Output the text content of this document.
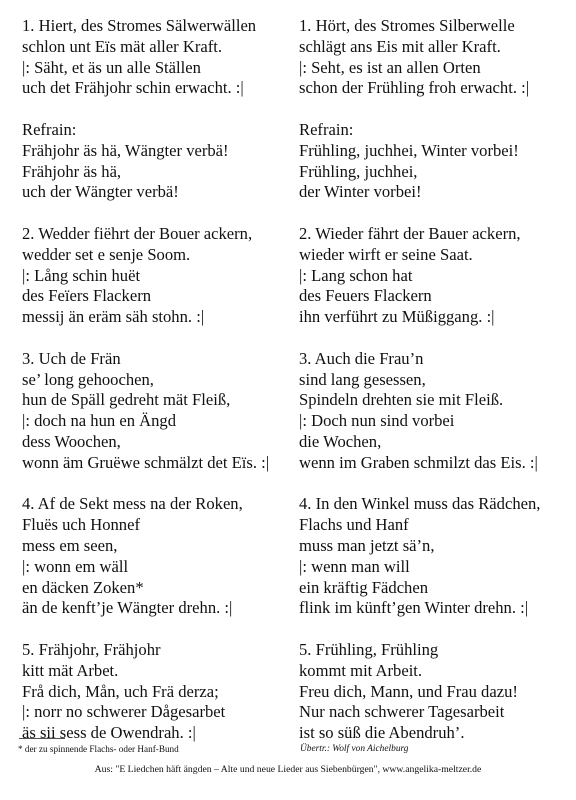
1. Hiert, des Stromes Sälwerwällen
schlon unt Eïs mät aller Kraft.
|: Säht, et äs un alle Ställen
uch det Frähjohr schin erwacht. :|
Refrain:
Frähjohr äs hä, Wängter verbä!
Frähjohr äs hä,
uch der Wängter verbä!
2. Wedder fiëhrt der Bouer ackern,
wedder set e senje Soom.
|: Lång schin huët
des Feïers Flackern
messij än eräm säh stohn. :|
3. Uch de Frän
se’ long gehoochen,
hun de Späll gedreht mät Fleiß,
|: doch na hun en Ängd
dess Woochen,
wonn äm Gruëwe schmälzt det Eïs. :|
4. Af de Sekt mess na der Roken,
Fluës uch Honnef
mess em seen,
|: wonn em wäll
en däcken Zoken*
än de kenft’je Wängter drehn. :|
5. Frähjohr, Frähjohr
kitt mät Arbet.
Frå dich, Mån, uch Frä derza;
|: norr no schwerer Dågesarbet
äs sii sess de Owendrah. :|
1. Hört, des Stromes Silberwelle
schlägt ans Eis mit aller Kraft.
|: Seht, es ist an allen Orten
schon der Frühling froh erwacht. :|
Refrain:
Frühling, juchhei, Winter vorbei!
Frühling, juchhei,
der Winter vorbei!
2. Wieder fährt der Bauer ackern,
wieder wirft er seine Saat.
|: Lang schon hat
des Feuers Flackern
ihn verführt zu Müßiggang. :|
3. Auch die Frau’n
sind lang gesessen,
Spindeln drehten sie mit Fleiß.
|: Doch nun sind vorbei
die Wochen,
wenn im Graben schmilzt das Eis. :|
4. In den Winkel muss das Rädchen,
Flachs und Hanf
muss man jetzt sä’n,
|: wenn man will
ein kräftig Fädchen
flink im künft’gen Winter drehn. :|
5. Frühling, Frühling
kommt mit Arbeit.
Freu dich, Mann, und Frau dazu!
Nur nach schwerer Tagesarbeit
ist so süß die Abendruh’.
* der zu spinnende Flachs- oder Hanf-Bund	Übertr.: Wolf von Aichelburg
Aus: "E Liedchen häft ängden – Alte und neue Lieder aus Siebenbürgen", www.angelika-meltzer.de
